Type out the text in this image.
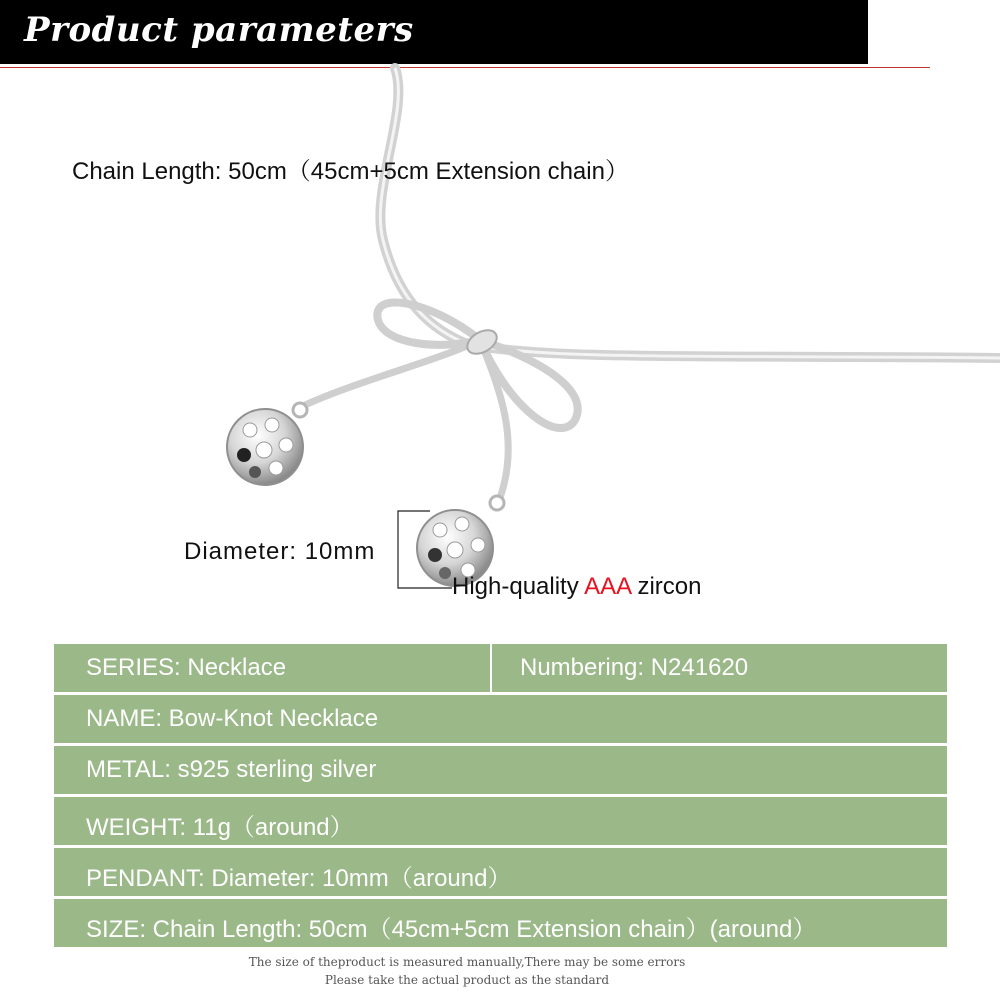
Product parameters
Chain Length: 50cm（45cm+5cm Extension chain）
Diameter: 10mm
High-quality AAA zircon
SERIES: Necklace	Numbering: N241620
NAME: Bow-Knot Necklace
METAL: s925 sterling silver
WEIGHT: 11g（around）
PENDANT: Diameter: 10mm（around）
SIZE: Chain Length: 50cm（45cm+5cm Extension chain）(around）
The size of theproduct is measured manually,There may be some errors
Please take the actual product as the standard
